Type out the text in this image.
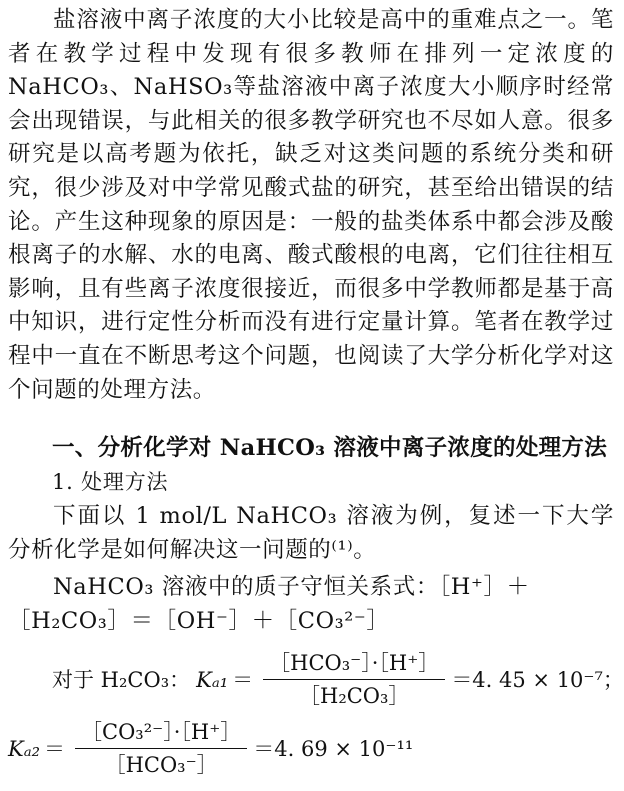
盐溶液中离子浓度的大小比较是高中的重难点之一。笔者在教学过程中发现有很多教师在排列一定浓度的NaHCO₃、NaHSO₃等盐溶液中离子浓度大小顺序时经常会出现错误，与此相关的很多教学研究也不尽如人意。很多研究是以高考题为依托，缺乏对这类问题的系统分类和研究，很少涉及对中学常见酸式盐的研究，甚至给出错误的结论。产生这种现象的原因是：一般的盐类体系中都会涉及酸根离子的水解、水的电离、酸式酸根的电离，它们往往相互影响，且有些离子浓度很接近，而很多中学教师都是基于高中知识，进行定性分析而没有进行定量计算。笔者在教学过程中一直在不断思考这个问题，也阅读了大学分析化学对这个问题的处理方法。

一、分析化学对 NaHCO₃ 溶液中离子浓度的处理方法
1. 处理方法

下面以 1 mol/L NaHCO₃ 溶液为例，复述一下大学分析化学是如何解决这一问题的⁽¹⁾。

NaHCO₃ 溶液中的质子守恒关系式：［H⁺］＋
［H₂CO₃］＝［OH⁻］＋［CO₃²⁻］

对于 H₂CO₃： $K_{a1} = \frac{\text{［HCO₃⁻］·［H⁺］}}{\text{［H₂CO₃］}} =4$. 45 × 10⁻⁷；
$K_{a2} = \frac{\text{［CO₃²⁻］·［H⁺］}}{\text{［HCO₃⁻］}} =4$. 69 × 10⁻¹¹
